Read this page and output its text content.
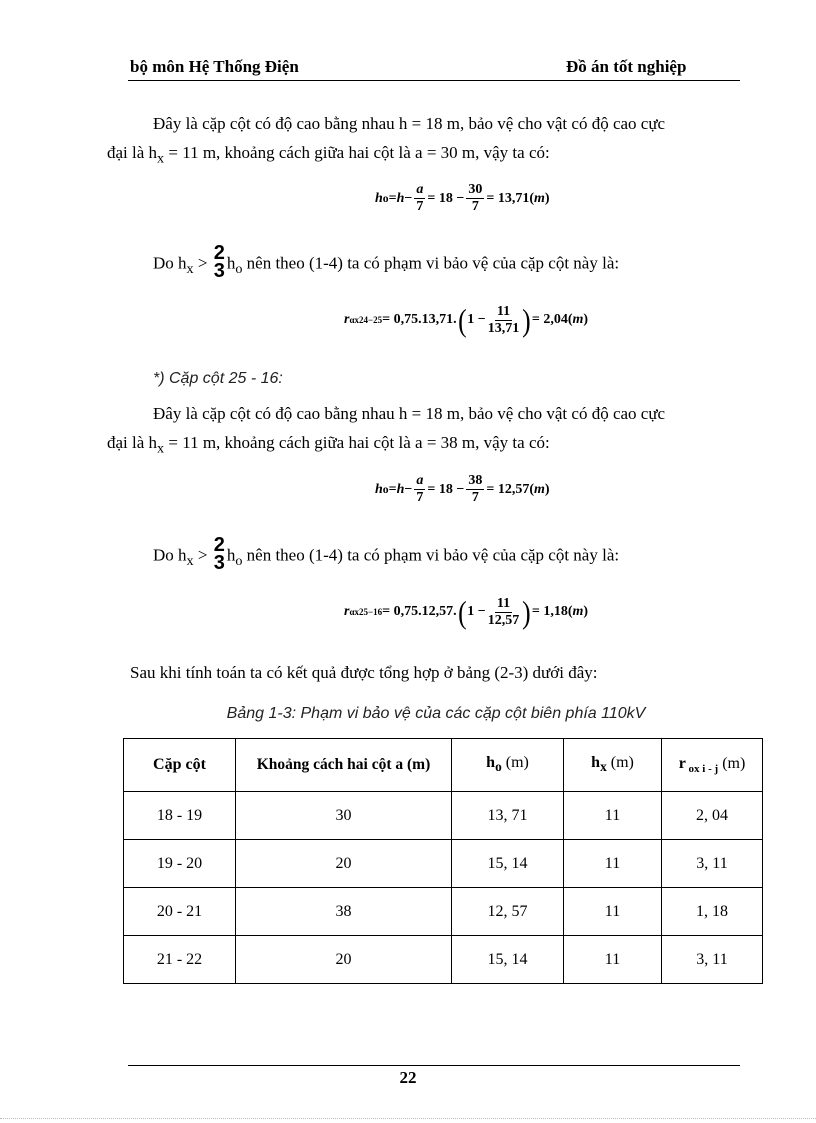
bộ môn Hệ Thống Điện	Đồ án tốt nghiệp
Đây là cặp cột có độ cao bằng nhau h = 18 m, bảo vệ cho vật có độ cao cực
đại là $h_x = 11$ m, khoảng cách giữa hai cột là a = 30 m, vậy ta có:
h $o = h - \frac{a}{7} = 18 - \frac{30}{7} = 13,71$( m )
Do $h_x > 2$
3 $h_o$ nên theo (1-4) ta có phạm vi bảo vệ của cặp cột này là:
r αx24−25 = 0,75.13,71. ( $1 - \frac{11}{13,71}$ ) = 2,04( m )
*) Cặp cột 25 - 16:
Đây là cặp cột có độ cao bằng nhau h = 18 m, bảo vệ cho vật có độ cao cực
đại là $h_x = 11$ m, khoảng cách giữa hai cột là a = 38 m, vậy ta có:
h $o = h - \frac{a}{7} = 18 - \frac{38}{7} = 12,57$( m )
Do $h_x > 2$
3 $h_o$ nên theo (1-4) ta có phạm vi bảo vệ của cặp cột này là:
r αx25−16 = 0,75.12,57. ( $1 - \frac{11}{12,57}$ ) = 1,18( m )
Sau khi tính toán ta có kết quả được tổng hợp ở bảng (2-3) dưới đây:
Bảng 1-3: Phạm vi bảo vệ của các cặp cột biên phía 110kV
Cặp cột	Khoảng cách hai cột a (m)	$h_o$ (m)	$h_x$ (m)	r $_{ox i - j}$ (m)
18 - 19	30	13, 71	11	2, 04
19 - 20	20	15, 14	11	3, 11
20 - 21	38	12, 57	11	1, 18
21 - 22	20	15, 14	11	3, 11
22
